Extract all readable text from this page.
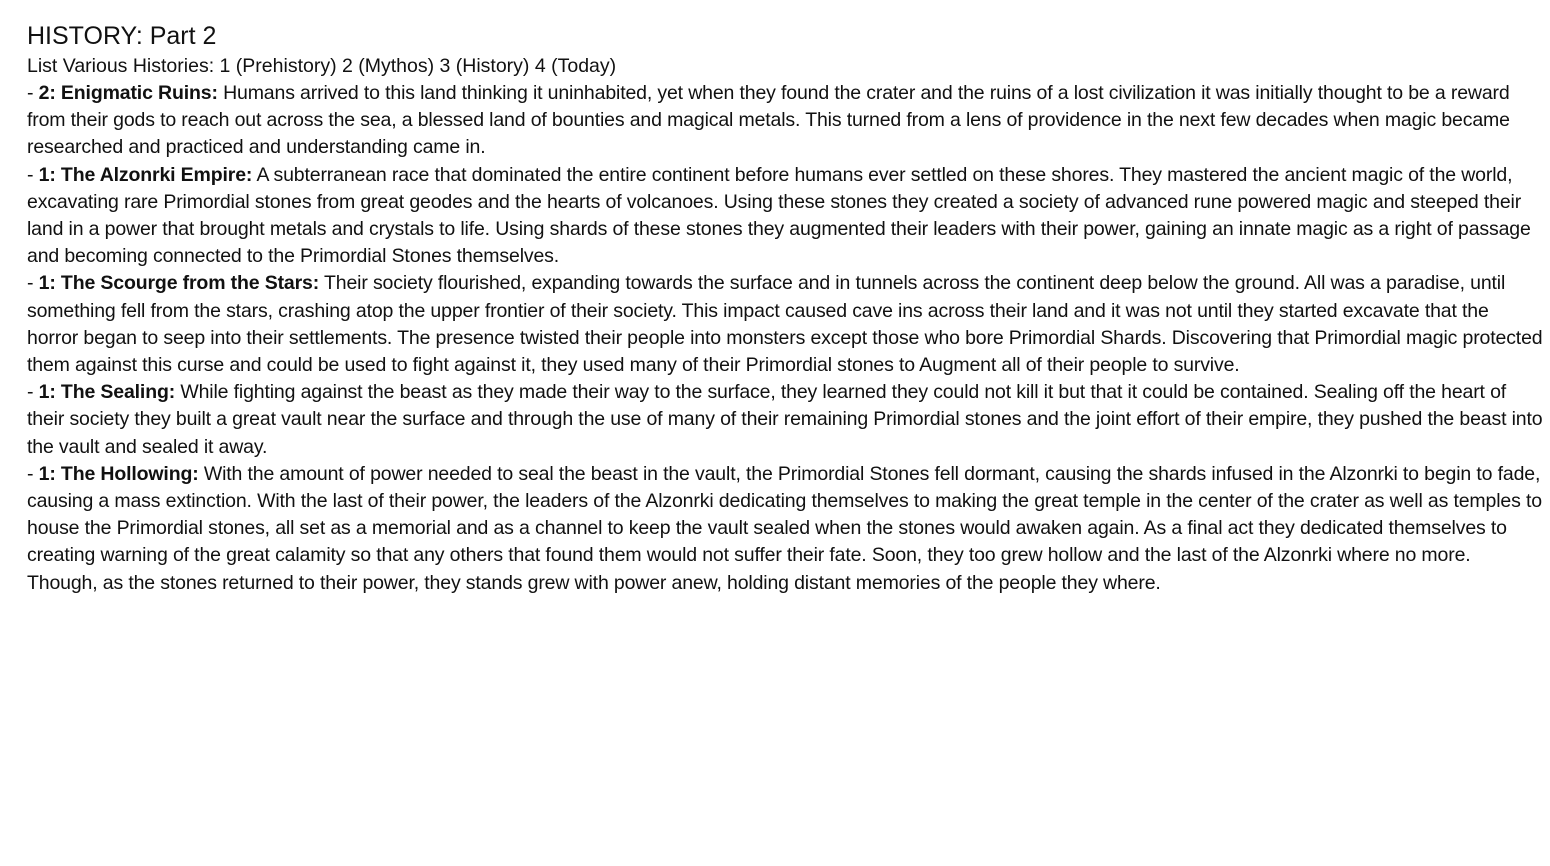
HISTORY: Part 2
List Various Histories: 1 (Prehistory) 2 (Mythos) 3 (History) 4 (Today)

- 2: Enigmatic Ruins: Humans arrived to this land thinking it uninhabited, yet when they found the crater and the ruins of a lost civilization it was initially thought to be a reward from their gods to reach out across the sea, a blessed land of bounties and magical metals. This turned from a lens of providence in the next few decades when magic became researched and practiced and understanding came in.

- 1: The Alzonrki Empire: A subterranean race that dominated the entire continent before humans ever settled on these shores. They mastered the ancient magic of the world, excavating rare Primordial stones from great geodes and the hearts of volcanoes. Using these stones they created a society of advanced rune powered magic and steeped their land in a power that brought metals and crystals to life. Using shards of these stones they augmented their leaders with their power, gaining an innate magic as a right of passage and becoming connected to the Primordial Stones themselves.

- 1: The Scourge from the Stars: Their society flourished, expanding towards the surface and in tunnels across the continent deep below the ground. All was a paradise, until something fell from the stars, crashing atop the upper frontier of their society. This impact caused cave ins across their land and it was not until they started excavate that the horror began to seep into their settlements. The presence twisted their people into monsters except those who bore Primordial Shards. Discovering that Primordial magic protected them against this curse and could be used to fight against it, they used many of their Primordial stones to Augment all of their people to survive.

- 1: The Sealing: While fighting against the beast as they made their way to the surface, they learned they could not kill it but that it could be contained. Sealing off the heart of their society they built a great vault near the surface and through the use of many of their remaining Primordial stones and the joint effort of their empire, they pushed the beast into the vault and sealed it away.

- 1: The Hollowing: With the amount of power needed to seal the beast in the vault, the Primordial Stones fell dormant, causing the shards infused in the Alzonrki to begin to fade, causing a mass extinction. With the last of their power, the leaders of the Alzonrki dedicating themselves to making the great temple in the center of the crater as well as temples to house the Primordial stones, all set as a memorial and as a channel to keep the vault sealed when the stones would awaken again. As a final act they dedicated themselves to creating warning of the great calamity so that any others that found them would not suffer their fate. Soon, they too grew hollow and the last of the Alzonrki where no more. Though, as the stones returned to their power, they stands grew with power anew, holding distant memories of the people they where.
